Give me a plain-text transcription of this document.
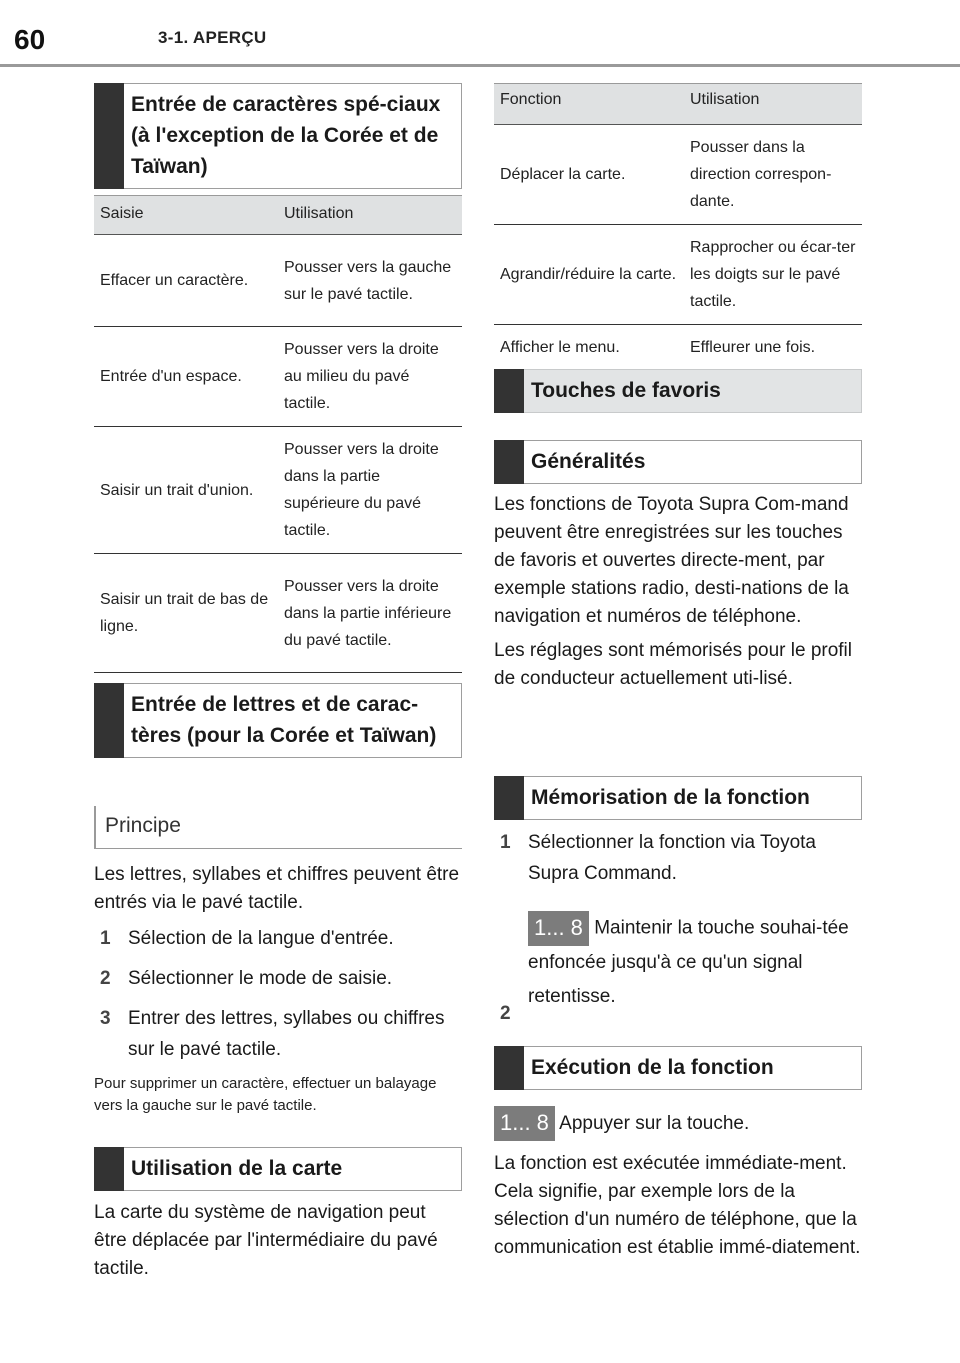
60	3-1. APERÇU
Entrée de caractères spé-ciaux (à l'exception de la Corée et de Taïwan)
Saisie	Utilisation
Effacer un caractère.	Pousser vers la gauche sur le pavé tactile.
Entrée d'un espace.	Pousser vers la droite au milieu du pavé tactile.
Saisir un trait d'union.	Pousser vers la droite dans la partie supérieure du pavé tactile.
Saisir un trait de bas de ligne.	Pousser vers la droite dans la partie inférieure du pavé tactile.
Entrée de lettres et de carac-tères (pour la Corée et Taïwan)
Principe

Les lettres, syllabes et chiffres peuvent être entrés via le pavé tactile.

1 Sélection de la langue d'entrée.
2 Sélectionner le mode de saisie.
3 Entrer des lettres, syllabes ou chiffres sur le pavé tactile.

Pour supprimer un caractère, effectuer un balayage vers la gauche sur le pavé tactile.

Utilisation de la carte

La carte du système de navigation peut être déplacée par l'intermédiaire du pavé tactile.

Fonction	Utilisation
Déplacer la carte.	Pousser dans la direction correspon-dante.
Agrandir/réduire la carte.	Rapprocher ou écar-ter les doigts sur le pavé tactile.
Afficher le menu.	Effleurer une fois.
Touches de favoris
Généralités

Les fonctions de Toyota Supra Com-mand peuvent être enregistrées sur les touches de favoris et ouvertes directe-ment, par exemple stations radio, desti-nations de la navigation et numéros de téléphone.

Les réglages sont mémorisés pour le profil de conducteur actuellement uti-lisé.

Mémorisation de la fonction
1 Sélectionner la fonction via Toyota Supra Command.
2
1... 8 Maintenir la touche souhai-tée enfoncée jusqu'à ce qu'un signal retentisse.
Exécution de la fonction
1... 8 Appuyer sur la touche.

La fonction est exécutée immédiate-ment. Cela signifie, par exemple lors de la sélection d'un numéro de téléphone, que la communication est établie immé-diatement.
